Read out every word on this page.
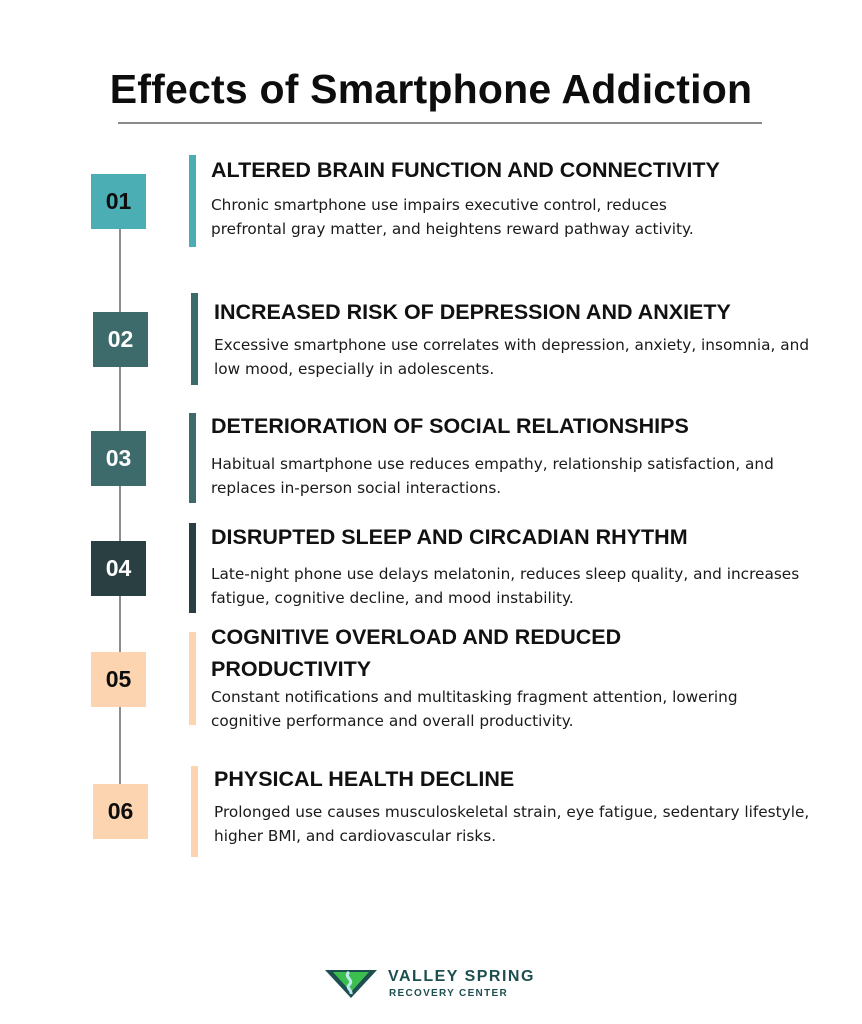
Effects of Smartphone Addiction
01
ALTERED BRAIN FUNCTION AND CONNECTIVITY
Chronic smartphone use impairs executive control, reduces prefrontal gray matter, and heightens reward pathway activity.
02
INCREASED RISK OF DEPRESSION AND ANXIETY
Excessive smartphone use correlates with depression, anxiety, insomnia, and low mood, especially in adolescents.
03
DETERIORATION OF SOCIAL RELATIONSHIPS
Habitual smartphone use reduces empathy, relationship satisfaction, and replaces in-person social interactions.
04
DISRUPTED SLEEP AND CIRCADIAN RHYTHM
Late-night phone use delays melatonin, reduces sleep quality, and increases fatigue, cognitive decline, and mood instability.
05
COGNITIVE OVERLOAD AND REDUCED PRODUCTIVITY
Constant notifications and multitasking fragment attention, lowering cognitive performance and overall productivity.
06
PHYSICAL HEALTH DECLINE
Prolonged use causes musculoskeletal strain, eye fatigue, sedentary lifestyle, higher BMI, and cardiovascular risks.
VALLEY SPRING
RECOVERY CENTER
